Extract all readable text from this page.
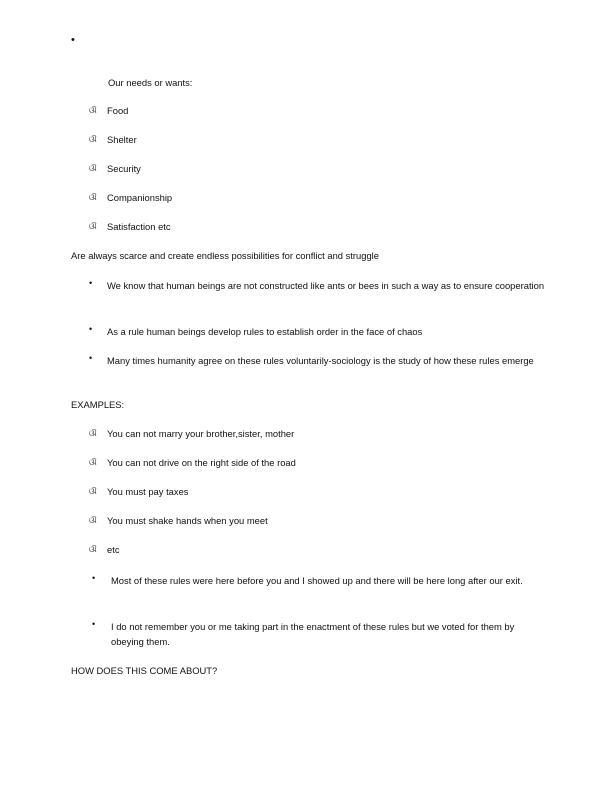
•
Our needs or wants:
ଔ Food
ଔ Shelter
ଔ Security
ଔ Companionship
ଔ Satisfaction etc
Are always scarce and create endless possibilities for conflict and struggle
• We know that human beings are not constructed like ants or bees in such a way as to ensure cooperation
• As a rule human beings develop rules to establish order in the face of chaos
• Many times humanity agree on these rules voluntarily-sociology is the study of how these rules emerge
EXAMPLES:
ଔ You can not marry your brother,sister, mother
ଔ You can not drive on the right side of the road
ଔ You must pay taxes
ଔ You must shake hands when you meet
ଔ etc
• Most of these rules were here before you and I showed up and there will be here long after our exit.
• I do not remember you or me taking part in the enactment of these rules but we voted for them by obeying them.
HOW DOES THIS COME ABOUT?
